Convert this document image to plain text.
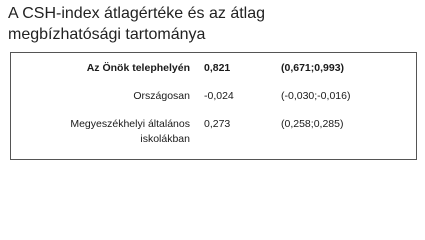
A CSH-index átlagértéke és az átlag megbízhatósági tartománya
Az Önök telephelyén 0,821	(0,671;0,993)
Országosan -0,024	(-0,030;-0,016)
Megyeszékhelyi általános
iskolákban
0,273	(0,258;0,285)
